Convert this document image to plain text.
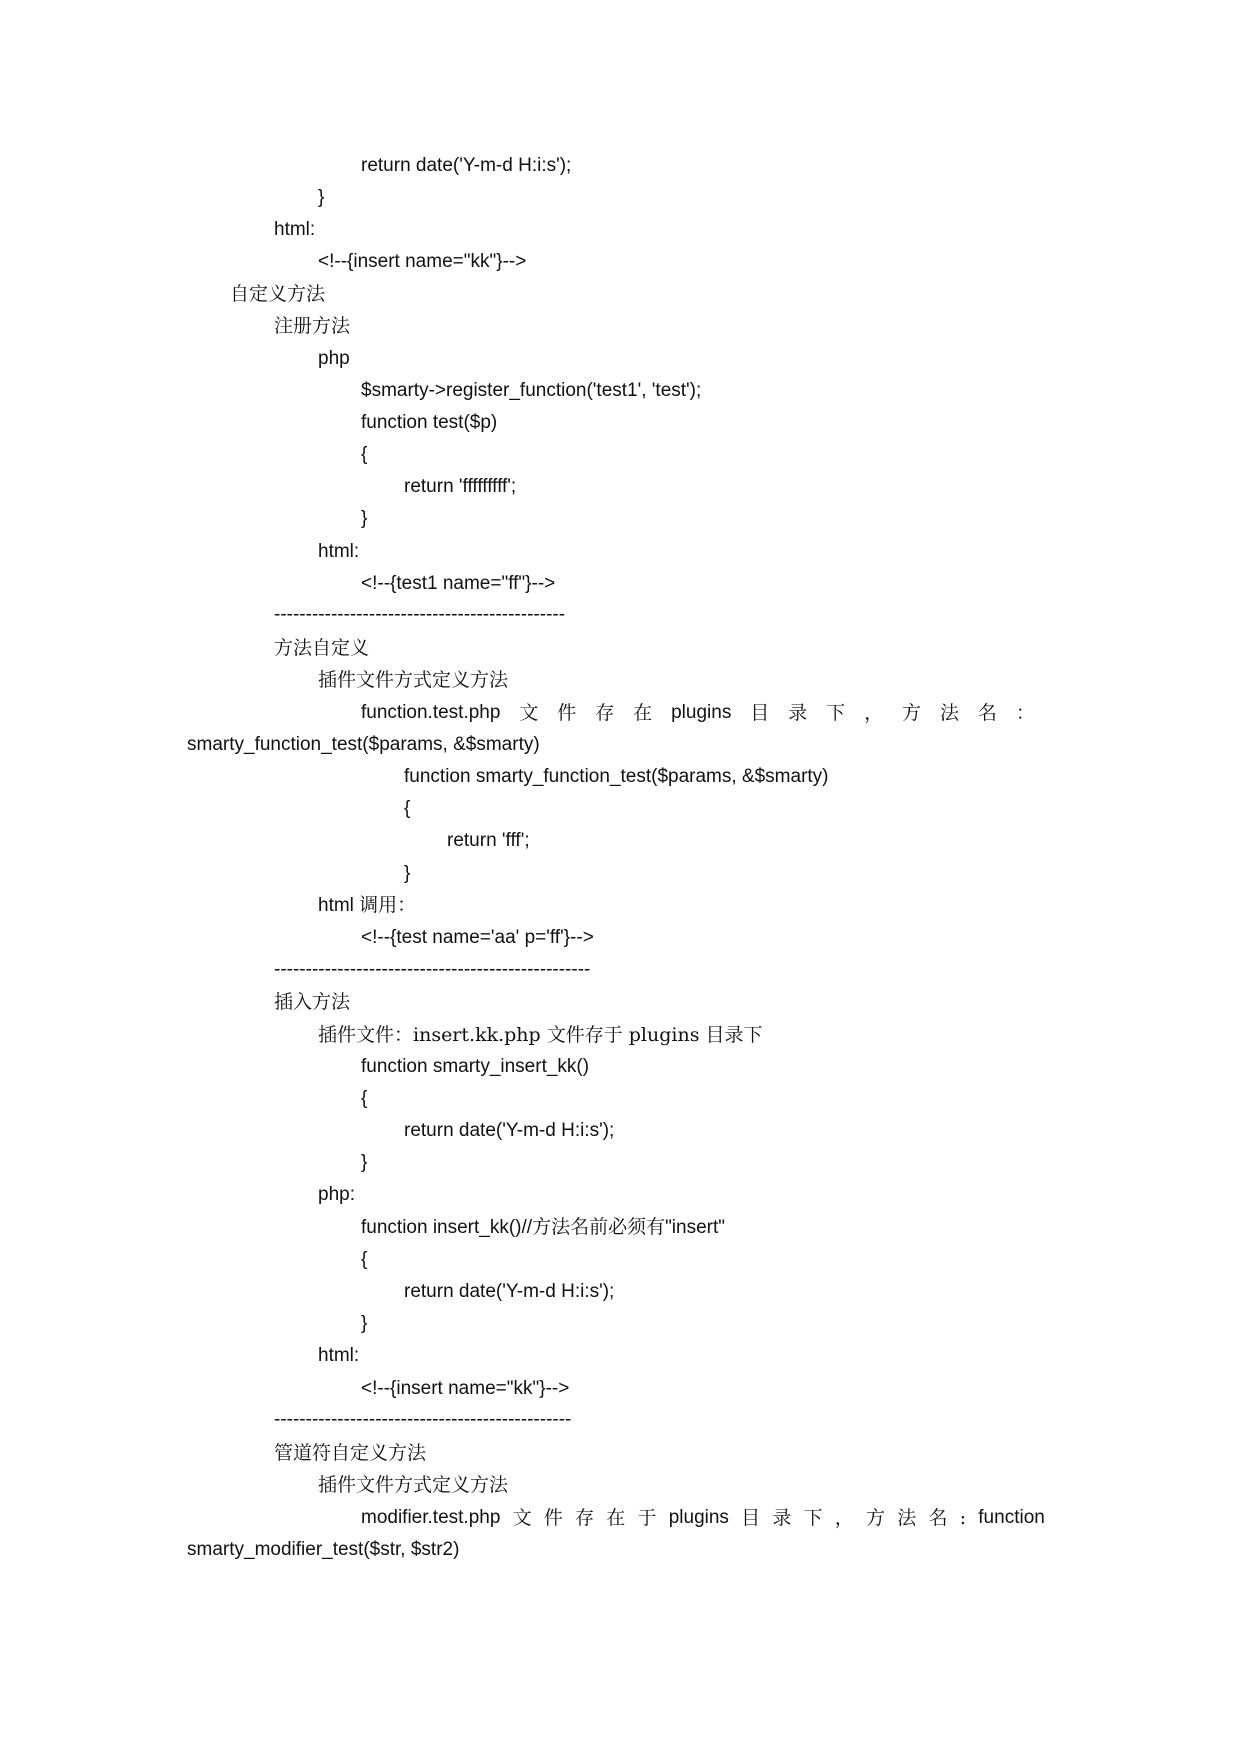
return date('Y-m-d H:i:s');
}
html:
<!--{insert name="kk"}-->
自定义方法
注册方法
php
$smarty->register_function('test1', 'test');
function test($p)
{
return 'fffffffff';
}
html:
<!--{test1 name="ff"}-->
----------------------------------------------
方法自定义
插件文件方式定义方法
function.test.php 文 件 存 在 plugins 目 录 下 ， 方 法 名 ：
smarty_function_test($params, &$smarty)
function smarty_function_test($params, &$smarty)
{
return 'fff';
}
html 调用：
<!--{test name='aa' p='ff'}-->
--------------------------------------------------
插入方法
插件文件：insert.kk.php 文件存于 plugins 目录下
function smarty_insert_kk()
{
return date('Y-m-d H:i:s');
}
php:
function insert_kk()//方法名前必须有"insert"
{
return date('Y-m-d H:i:s');
}
html:
<!--{insert name="kk"}-->
-----------------------------------------------
管道符自定义方法
插件文件方式定义方法
modifier.test.php 文 件 存 在 于 plugins 目 录 下 ， 方 法 名 : function
smarty_modifier_test($str, $str2)
